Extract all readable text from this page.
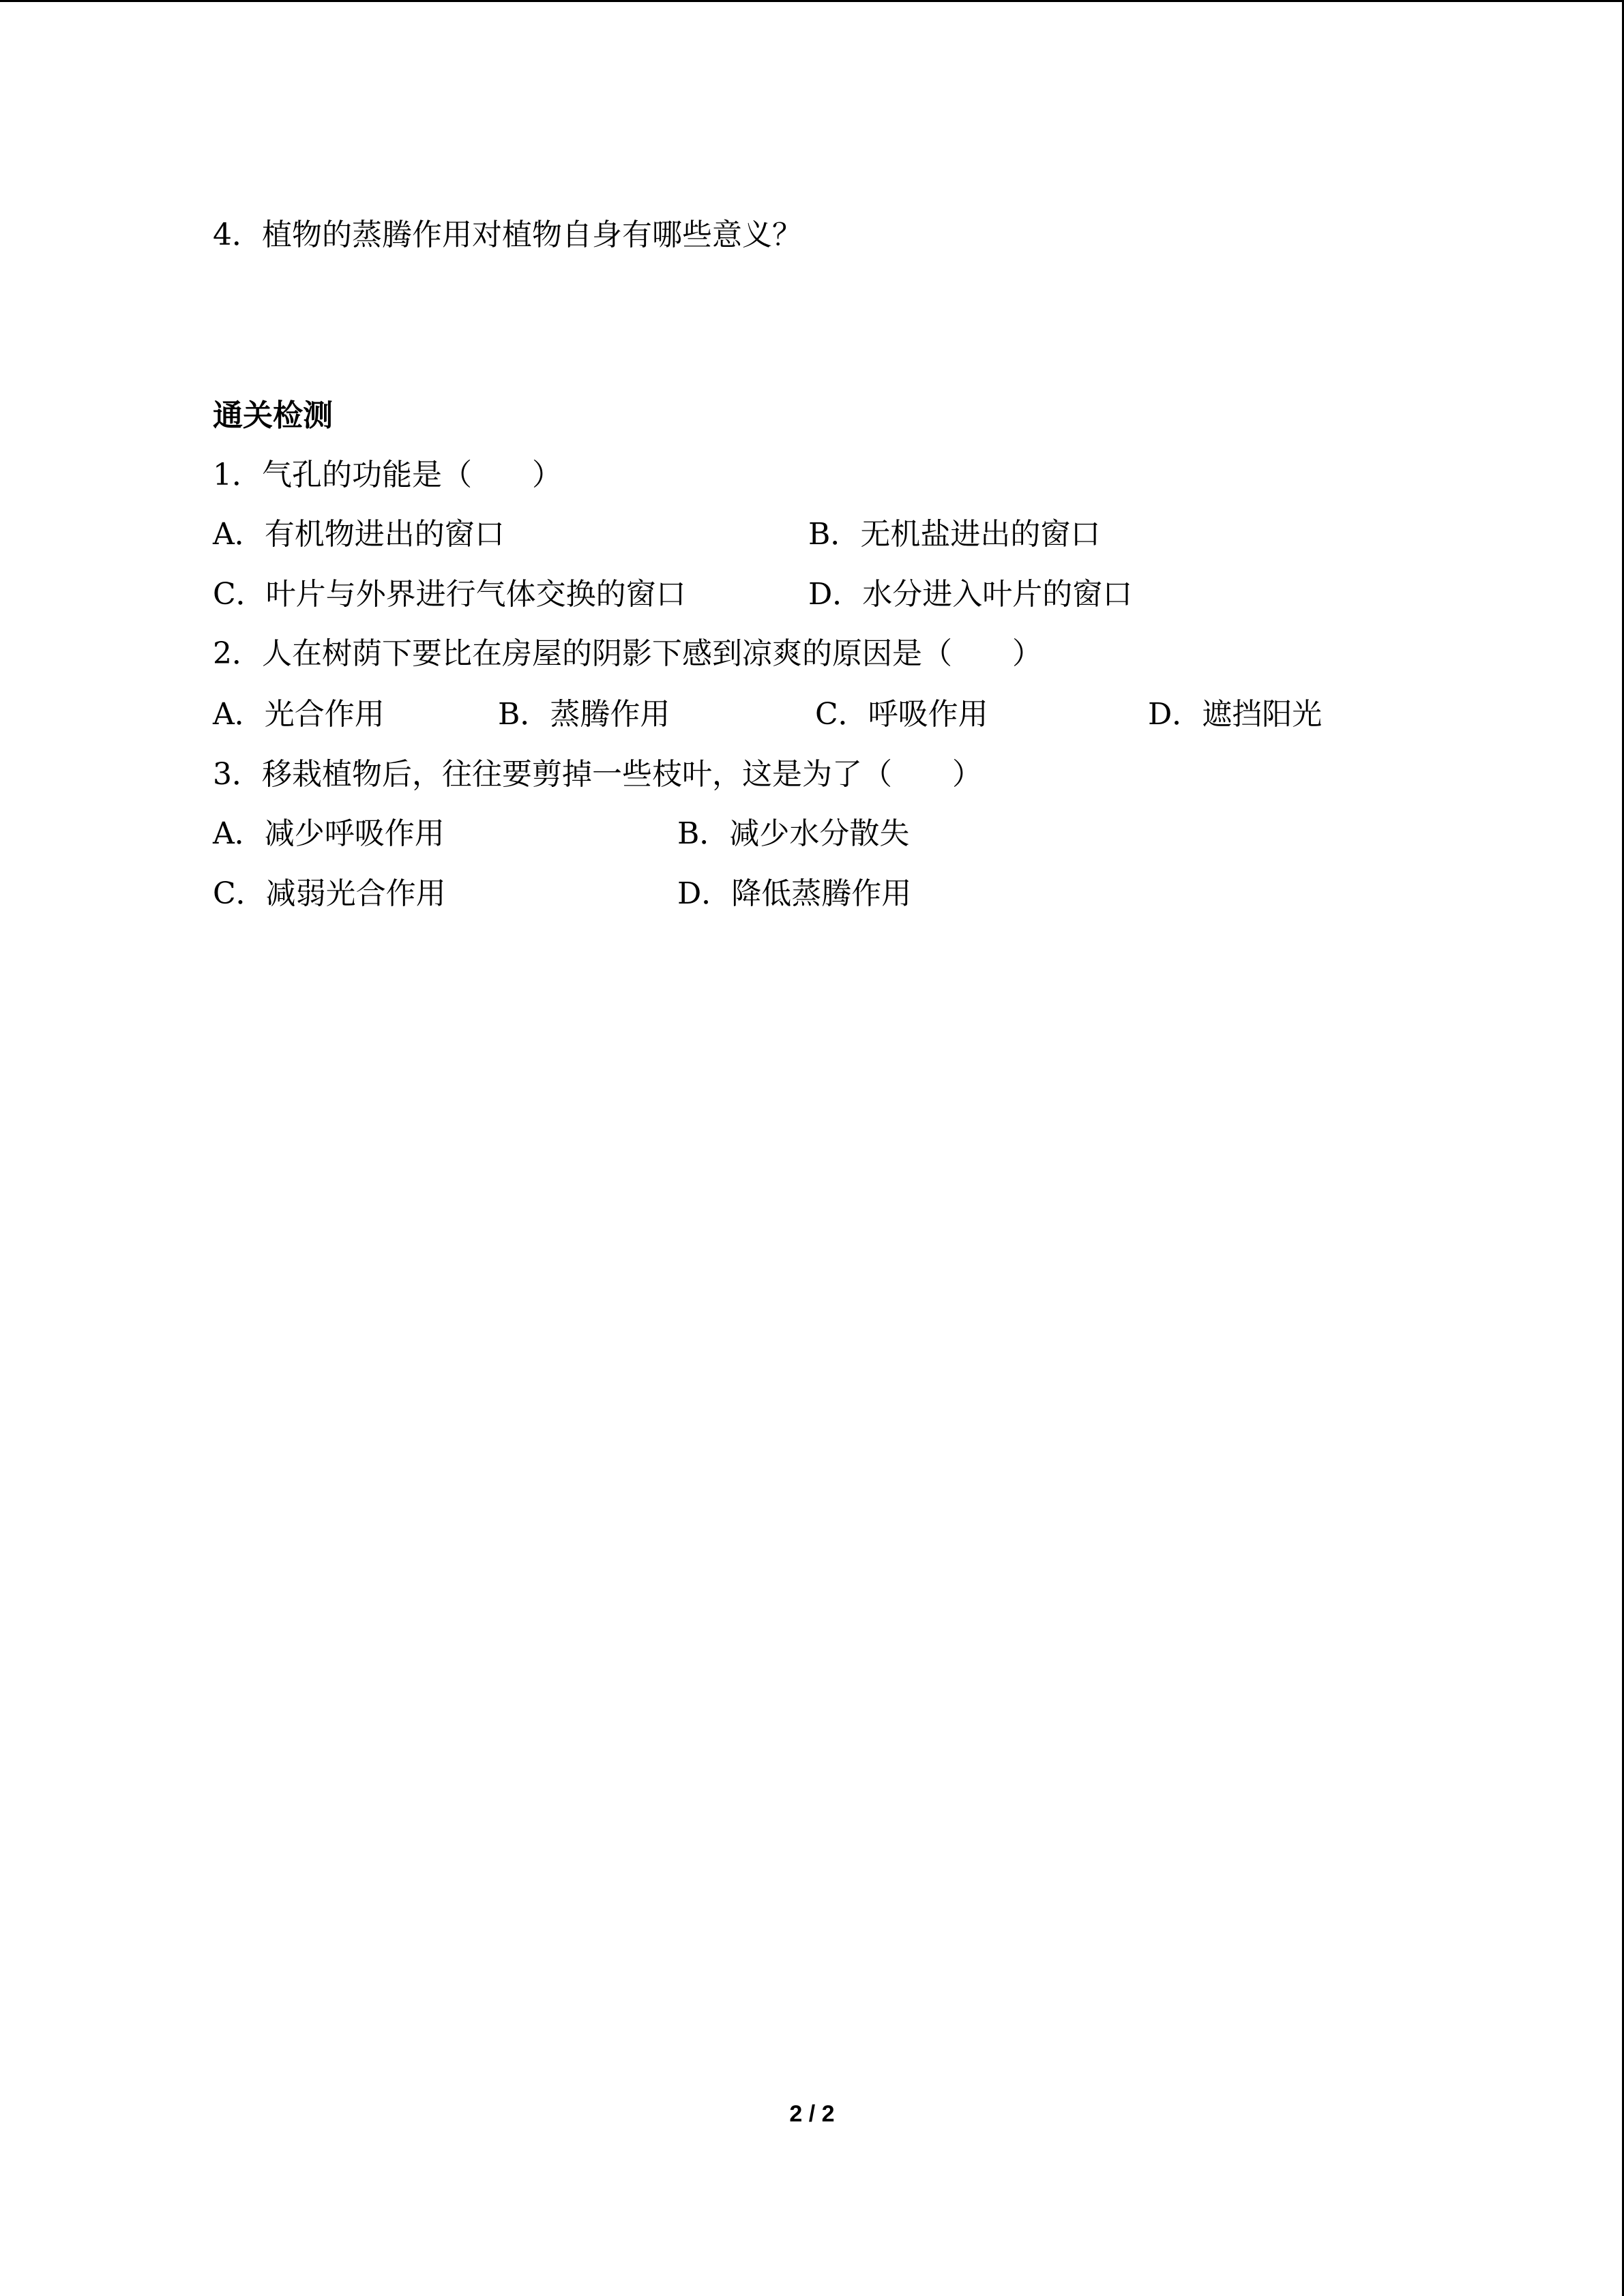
4．植物的蒸腾作用对植物自身有哪些意义？
通关检测
1．气孔的功能是（　　）
A．有机物进出的窗口	B．无机盐进出的窗口
C．叶片与外界进行气体交换的窗口	D．水分进入叶片的窗口
2．人在树荫下要比在房屋的阴影下感到凉爽的原因是（　　）
A．光合作用	B．蒸腾作用	C．呼吸作用	D．遮挡阳光
3．移栽植物后，往往要剪掉一些枝叶，这是为了（　　）
A．减少呼吸作用	B．减少水分散失
C．减弱光合作用	D．降低蒸腾作用
2 / 2
